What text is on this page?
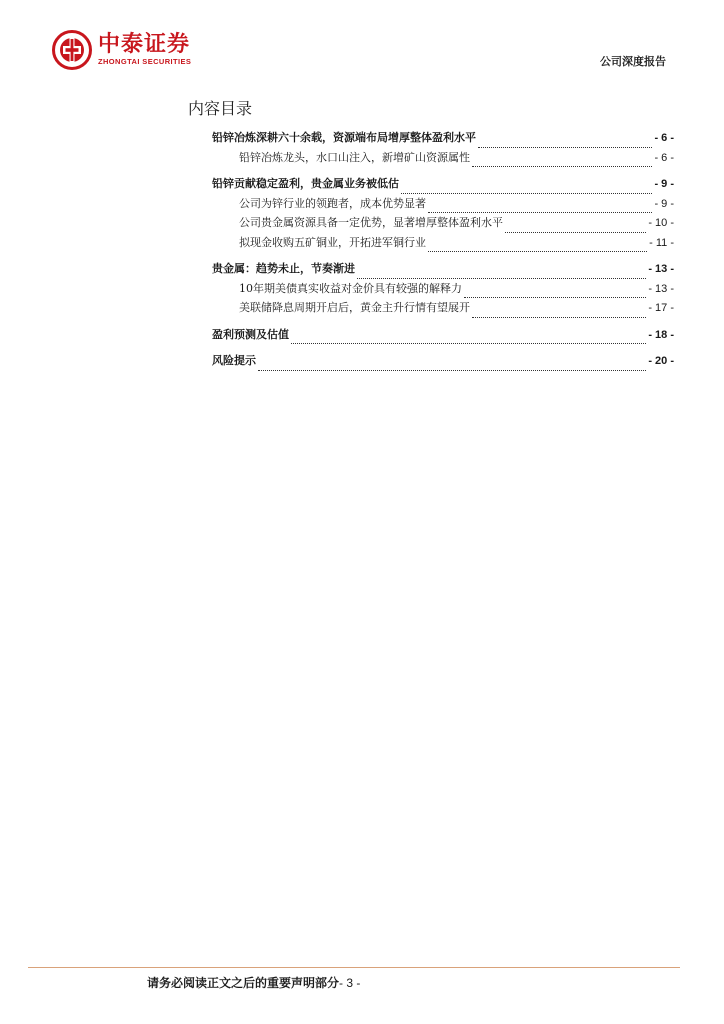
中泰证券
ZHONGTAI SECURITIES	公司深度报告
内容目录
铅锌冶炼深耕六十余载，资源端布局增厚整体盈利水平	- 6 -
铅锌冶炼龙头，水口山注入，新增矿山资源属性	- 6 -
铅锌贡献稳定盈利，贵金属业务被低估	- 9 -
公司为锌行业的领跑者，成本优势显著	- 9 -
公司贵金属资源具备一定优势，显著增厚整体盈利水平	- 10 -
拟现金收购五矿铜业，开拓进军铜行业	- 11 -
贵金属：趋势未止，节奏渐进	- 13 -
10年期美债真实收益对金价具有较强的解释力	- 13 -
美联储降息周期开启后，黄金主升行情有望展开	- 17 -
盈利预测及估值	- 18 -
风险提示	- 20 -
请务必阅读正文之后的重要声明部分- 3 -
